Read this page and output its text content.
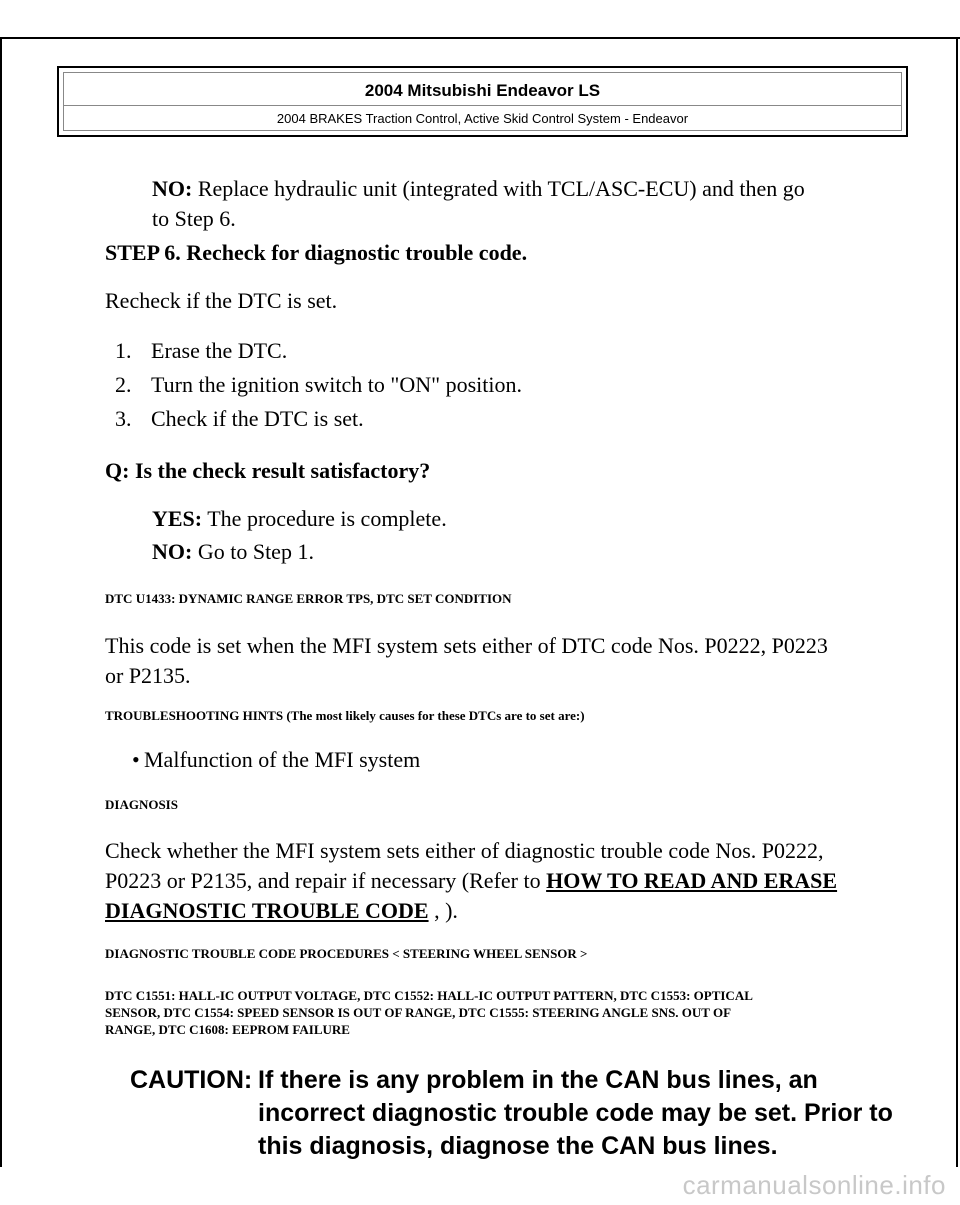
2004 Mitsubishi Endeavor LS
2004 BRAKES Traction Control, Active Skid Control System - Endeavor
NO: Replace hydraulic unit (integrated with TCL/ASC-ECU) and then go
to Step 6.
STEP 6. Recheck for diagnostic trouble code.
Recheck if the DTC is set.
1. Erase the DTC.
2. Turn the ignition switch to "ON" position.
3. Check if the DTC is set.
Q: Is the check result satisfactory?
YES: The procedure is complete.
NO: Go to Step 1.
DTC U1433: DYNAMIC RANGE ERROR TPS, DTC SET CONDITION
This code is set when the MFI system sets either of DTC code Nos. P0222, P0223
or P2135.
TROUBLESHOOTING HINTS (The most likely causes for these DTCs are to set are:)
• Malfunction of the MFI system
DIAGNOSIS
Check whether the MFI system sets either of diagnostic trouble code Nos. P0222,
P0223 or P2135, and repair if necessary (Refer to HOW TO READ AND ERASE
DIAGNOSTIC TROUBLE CODE , ).
DIAGNOSTIC TROUBLE CODE PROCEDURES < STEERING WHEEL SENSOR >
DTC C1551: HALL-IC OUTPUT VOLTAGE, DTC C1552: HALL-IC OUTPUT PATTERN, DTC C1553: OPTICAL
SENSOR, DTC C1554: SPEED SENSOR IS OUT OF RANGE, DTC C1555: STEERING ANGLE SNS. OUT OF
RANGE, DTC C1608: EEPROM FAILURE
CAUTION: If there is any problem in the CAN bus lines, an
incorrect diagnostic trouble code may be set. Prior to
this diagnosis, diagnose the CAN bus lines.
carmanualsonline.info
